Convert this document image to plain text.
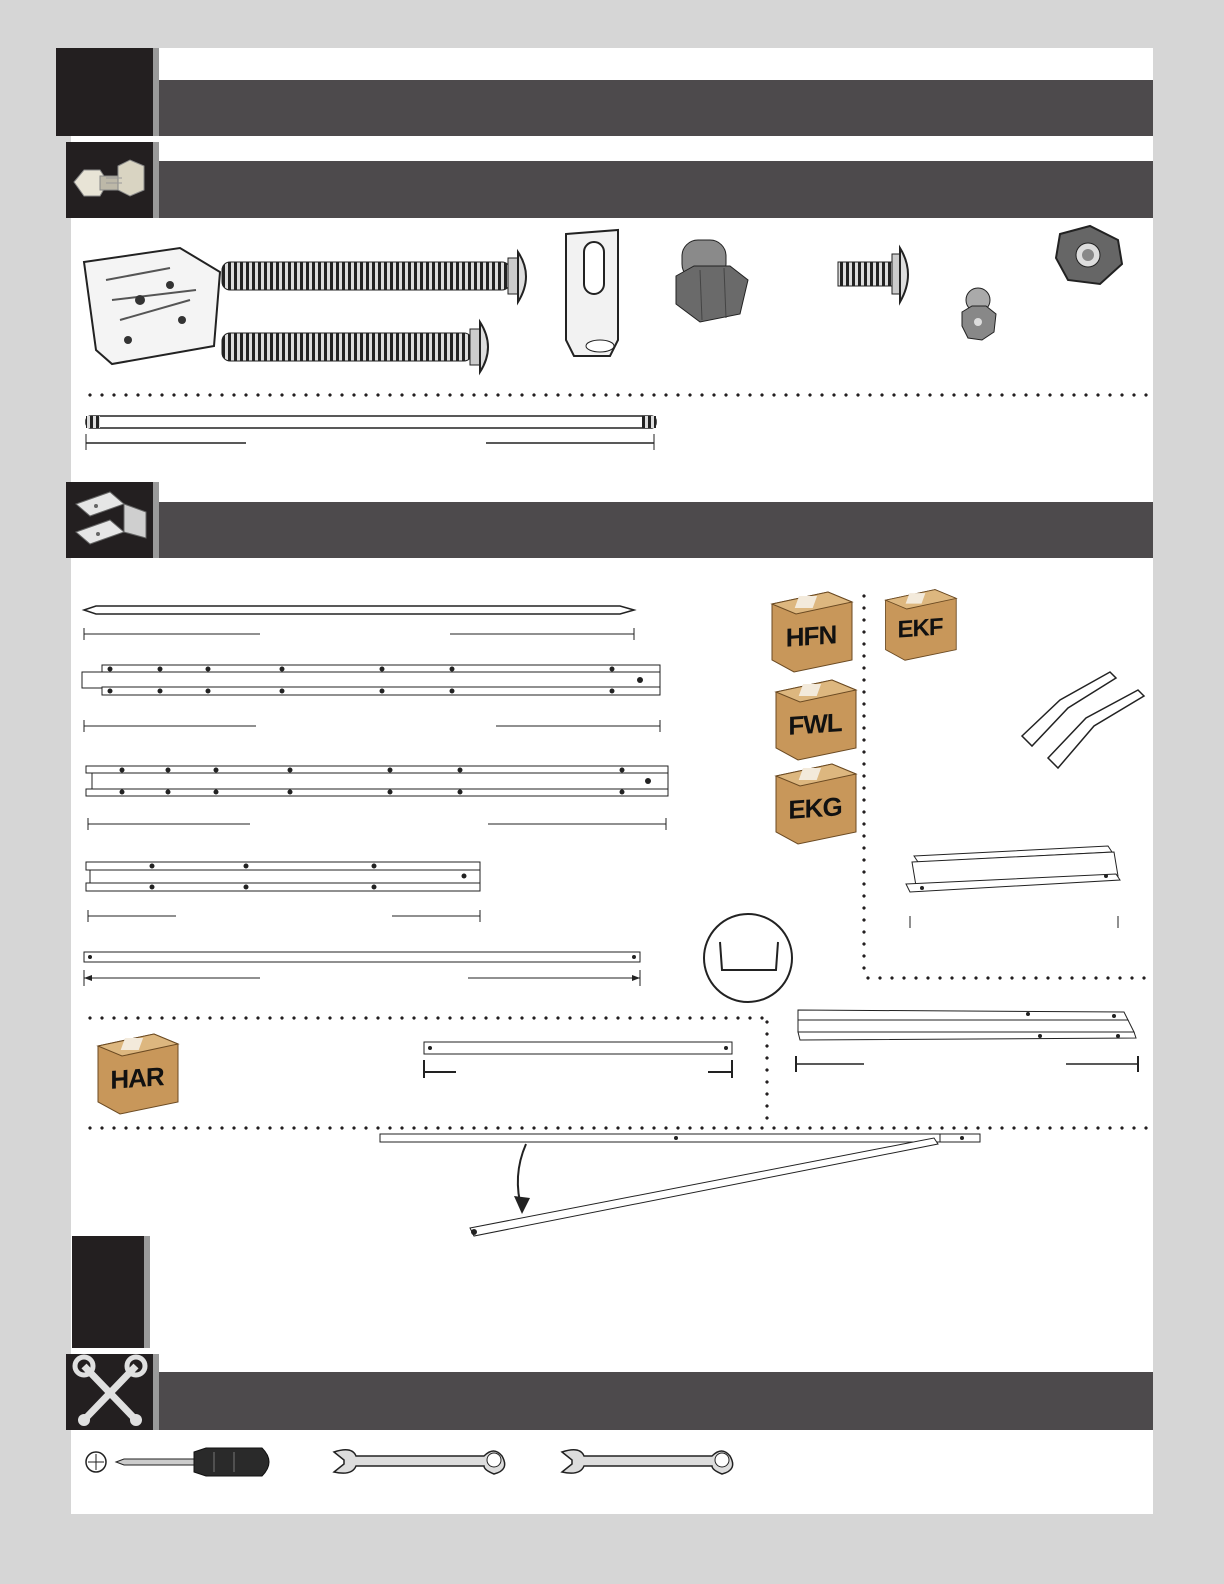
HFN
FWL
EKG
EKF
HAR
